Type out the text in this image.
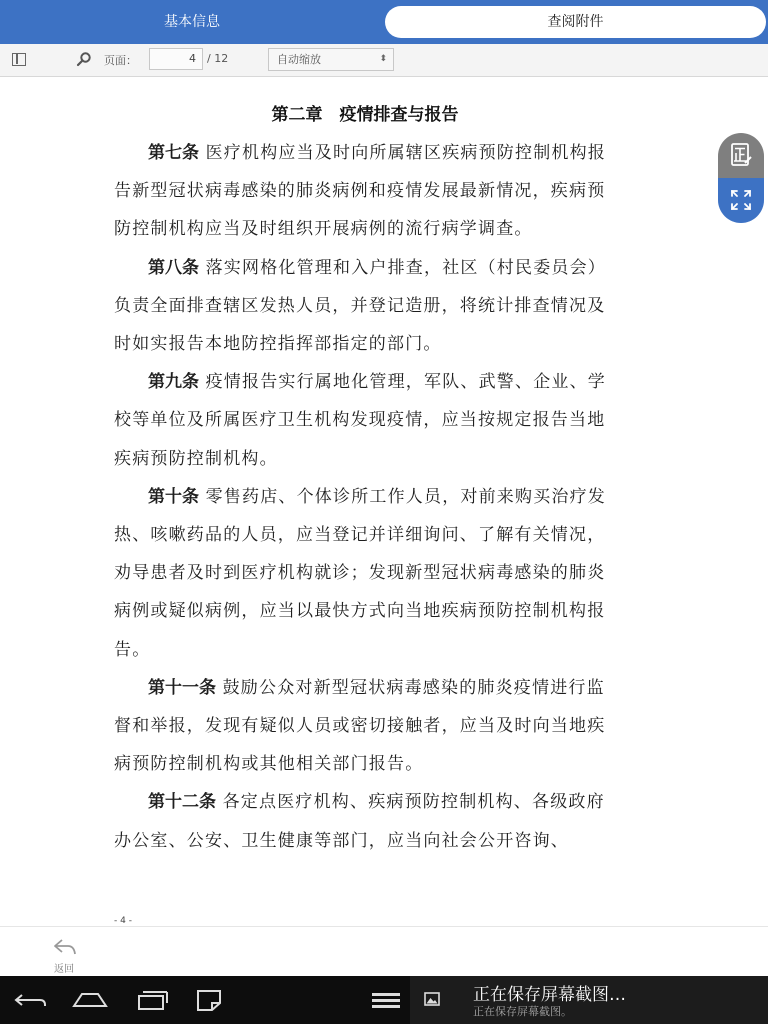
基本信息	查阅附件
页面：	4	/ 12	自动缩放	⬍
第二章　疫情排查与报告

第七条 医疗机构应当及时向所属辖区疾病预防控制机构报告新型冠状病毒感染的肺炎病例和疫情发展最新情况，疾病预防控制机构应当及时组织开展病例的流行病学调查。

第八条 落实网格化管理和入户排查，社区（村民委员会）负责全面排查辖区发热人员，并登记造册，将统计排查情况及时如实报告本地防控指挥部指定的部门。

第九条 疫情报告实行属地化管理，军队、武警、企业、学校等单位及所属医疗卫生机构发现疫情，应当按规定报告当地疾病预防控制机构。

第十条 零售药店、个体诊所工作人员，对前来购买治疗发热、咳嗽药品的人员，应当登记并详细询问、了解有关情况，劝导患者及时到医疗机构就诊；发现新型冠状病毒感染的肺炎病例或疑似病例，应当以最快方式向当地疾病预防控制机构报告。

第十一条 鼓励公众对新型冠状病毒感染的肺炎疫情进行监督和举报，发现有疑似人员或密切接触者，应当及时向当地疾病预防控制机构或其他相关部门报告。

第十二条 各定点医疗机构、疾病预防控制机构、各级政府办公室、公安、卫生健康等部门，应当向社会公开咨询、

- 4 -
返回
正在保存屏幕截图…
正在保存屏幕截图。
